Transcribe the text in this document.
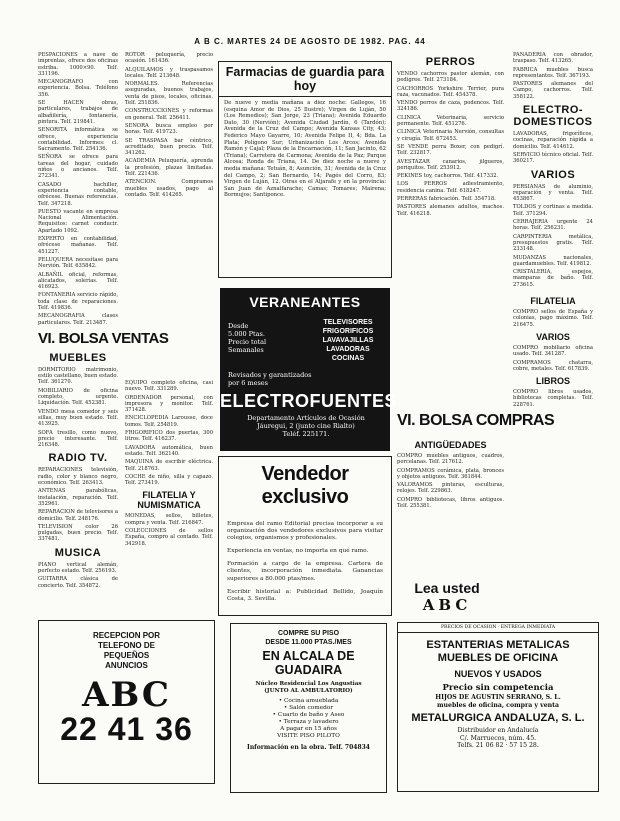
A B C. MARTES 24 DE AGOSTO DE 1982. PAG. 44

PESPACIONES a nave de imprentas, ofrece dos oficinas estriba. 1000×90. Telf. 331196.

MECANOGRAFO con experiencia. Bolsa. Teléfono 356.

SE HACEN obras, particulares, trabajos de albañilería, fontanería, pintura. Telf. 219841.

SENORITA informática se ofrece, experiencia contabilidad. Informes: cl. Sacramento. Telf. 254136.

SEÑORA se ofrece para tareas del hogar, cuidado niños o ancianos. Telf. 272341.

CASADO bachiller, experiencia contable, ofrécese. Buenas referencias. Telf. 347218.

PUESTO vacante en empresa Nacional Alimentación. Requisitos: carnet conducir. Apartado 1092.

EXPERTO en contabilidad, ofrécese mañanas. Telf. 451227.

PELUQUERA necesítase para Nervión. Telf. 635842.

ALBAÑIL oficial, reformas, alicatados, solerías. Telf. 416923.

FONTANERIA servicio rápido, toda clase de reparaciones. Telf. 419836.

MECANOGRAFIA clases particulares. Telf. 213487.

VI. BOLSA VENTAS
MUEBLES

DORMITORIO matrimonio, estilo castellano, buen estado. Telf. 361270.

MOBILIARIO de oficina completo, urgente. Liquidación. Telf. 452381.

VENDO mesa comedor y seis sillas, muy buen estado. Telf. 413925.

SOFA tresillo, como nuevo, precio interesante. Telf. 216348.

RADIO TV.

REPARACIONES televisión, radio, color y blanco negro, económico. Telf. 263413.

ANTENAS parabólicas, instalación, reparación. Telf. 352961.

REPARACION de televisores a domicilio. Telf. 248176.

TELEVISION color 26 pulgadas, buen precio. Telf. 337481.

MUSICA

PIANO vertical alemán, perfecto estado. Telf. 256193.

GUITARRA clásica de concierto. Telf. 354872.

ROTOR peluquería, precio ocasión. 161436.

ALQUILAMOS y traspasamos locales. Telf. 213648.

NORMALES. Referencias aseguradas, buenos trabajos, venta de pisos, locales, oficinas. Telf. 251836.

CONSTRUCCIONES y reformas en general. Telf. 256411.

SENORA busca empleo por horas. Telf. 419723.

SE TRASPASA bar céntrico, acreditado, buen precio. Telf. 341262.

ACADEMIA Peluquería, aprenda la profesión, plazas limitadas. Telf. 221436.

ATENCION. Compramos muebles usados, pago al contado. Telf. 414265.

EQUIPO completo oficina, casi nuevo. Telf. 331289.

ORDENADOR personal, con impresora y monitor. Telf. 371428.

ENCICLOPEDIA Larousse, doce tomos. Telf. 254819.

FRIGORIFICO dos puertas, 300 litros. Telf. 416237.

LAVADORA automática, buen estado. Telf. 362140.

MAQUINA de escribir eléctrica. Telf. 218763.

COCHE de niño, silla y capazo. Telf. 273419.

FILATELIA Y NUMISMATICA

MONEDAS, sellos, billetes, compra y venta. Telf. 216847.

COLECCIONES de sellos España, compro al contado. Telf. 342918.

Farmacias de guardia para hoy
De nueve y media mañana a diez noche: Gallegos, 16 (esquina Amor de Dios, 25 Ilustre); Virgen de Luján, 50 (Los Remedios); San Jorge, 23 (Triana); Avenida Eduardo Dato, 30 (Nervión); Avenida Ciudad Jardín, 6 (Tardón); Avenida de la Cruz del Campo; Avenida Kansas City, 43; Federico Mayo Gayarre, 10; Avenida Felipe II, 4; Bda. La Plata; Polígono Sur; Urbanización Los Arcos; Avenida Ramón y Cajal; Plaza de la Encarnación, 11; San Jacinto, 62 (Triana); Carretera de Carmona; Avenida de la Paz; Parque Alcosa; Ronda de Triana, 14. De diez noche a nueve y media mañana: Tetuán, 8; Asunción, 31; Avenida de la Cruz del Campo, 2; San Bernardo, 14; Pagés del Corro, 83; Virgen de Luján, 12. Otras en el Aljarafe y en la provincia: San Juan de Aznalfarache; Camas; Tomares; Mairena; Bormujos; Santiponce.
VERANEANTES
Desde
5.000 Ptas.
Precio total
Semanales
TELEVISORES
FRIGORIFICOS
LAVAVAJILLAS
LAVADORAS
COCINAS
Revisados y garantizados
por 6 meses
ELECTROFUENTES
Departamento Artículos de Ocasión
Jáuregui, 2 (junto cine Rialto)
Teléf. 225171.
Vendedor exclusivo

Empresa del ramo Editorial precisa incorporar a su organización dos vendedores exclusivos para visitar colegios, organismos y profesionales.

Experiencia en ventas, no importa en qué ramo.

Formación a cargo de la empresa. Cartera de clientes, incorporación inmediata. Ganancias superiores a 80.000 ptas/mes.

Escribir historial a: Publicidad Bellido, Joaquín Costa, 3. Sevilla.

RECEPCION POR
TELEFONO DE
PEQUEÑOS
ANUNCIOS
ABC
22 41 36
COMPRE SU PISO
DESDE 11.000 PTAS./MES
EN ALCALA DE
GUADAIRA
Núcleo Residencial Los Angustias
(JUNTO AL AMBULATORIO)
• Cocina amueblada
• Salón comedor
• Cuarto de baño y Aseo
• Terraza y lavadero
A pagar en 15 años
VISITE PISO PILOTO
Información en la obra. Telf. 704834
PERROS

VENDO cachorros pastor alemán, con pedigree. Telf. 273184.

CACHORROS Yorkshire Terrier, pura raza, vacunados. Telf. 454378.

VENDO perros de caza, podencos. Telf. 324186.

CLINICA Veterinaria, servicio permanente. Telf. 451276.

CLINICA Veterinaria Nervión, consultas y cirugía. Telf. 672453.

SE VENDE perra Boxer, con pedigrí. Telf. 232817.

AVESTAZAR canarios, jilgueros, periquitos. Telf. 253912.

PEKINES toy, cachorros. Telf. 417332.

LOS PERROS adiestramiento, residencia canina. Telf. 618247.

PERRERAS fabricación. Telf. 354718.

PASTORES alemanes adultos, machos. Telf. 416218.

VI. BOLSA COMPRAS
ANTIGÜEDADES

COMPRO muebles antiguos, cuadros, porcelanas. Telf. 217612.

COMPRAMOS cerámica, plata, bronces y objetos antiguos. Telf. 361844.

VALORAMOS pinturas, esculturas, relojes. Telf. 229863.

COMPRO bibliotecas, libros antiguos. Telf. 255381.

Lea usted
ABC

PANADERIA con obrador, traspaso. Telf. 413265.

FABRICA muebles busca representantes. Telf. 367193.

PASTORES alemanes del Campo, cachorros. Telf. 358122.

ELECTRO-DOMESTICOS

LAVADORAS, frigoríficos, cocinas, reparación rápida a domicilio. Telf. 414612.

SERVICIO técnico oficial. Telf. 360217.

VARIOS

PERSIANAS de aluminio, reparación y venta. Telf. 453867.

TOLDOS y cortinas a medida. Telf. 371294.

CERRAJERIA urgente 24 horas. Telf. 256231.

CARPINTERIA metálica, presupuestos gratis. Telf. 233148.

MUDANZAS nacionales, guardamuebles. Telf. 419812.

CRISTALERIA, espejos, mamparas de baño. Telf. 273615.

FILATELIA

COMPRO sellos de España y colonias, pago máximo. Telf. 216475.

VARIOS

COMPRO mobiliario oficina usado. Telf. 341287.

COMPRAMOS chatarra, cobre, metales. Telf. 617839.

LIBROS

COMPRO libros usados, bibliotecas completas. Telf. 228761.

PRECIOS DE OCASION · ENTREGA INMEDIATA
ESTANTERIAS METALICAS
MUEBLES DE OFICINA
NUEVOS Y USADOS
Precio sin competencia
HIJOS DE AGUSTIN SERRANO, S. L.
muebles de oficina, compra y venta
METALURGICA ANDALUZA, S. L.
Distribuidor en Andalucía
C/. Marruecos, núm. 45.
Telfs. 21 06 82 · 57 15 28.
